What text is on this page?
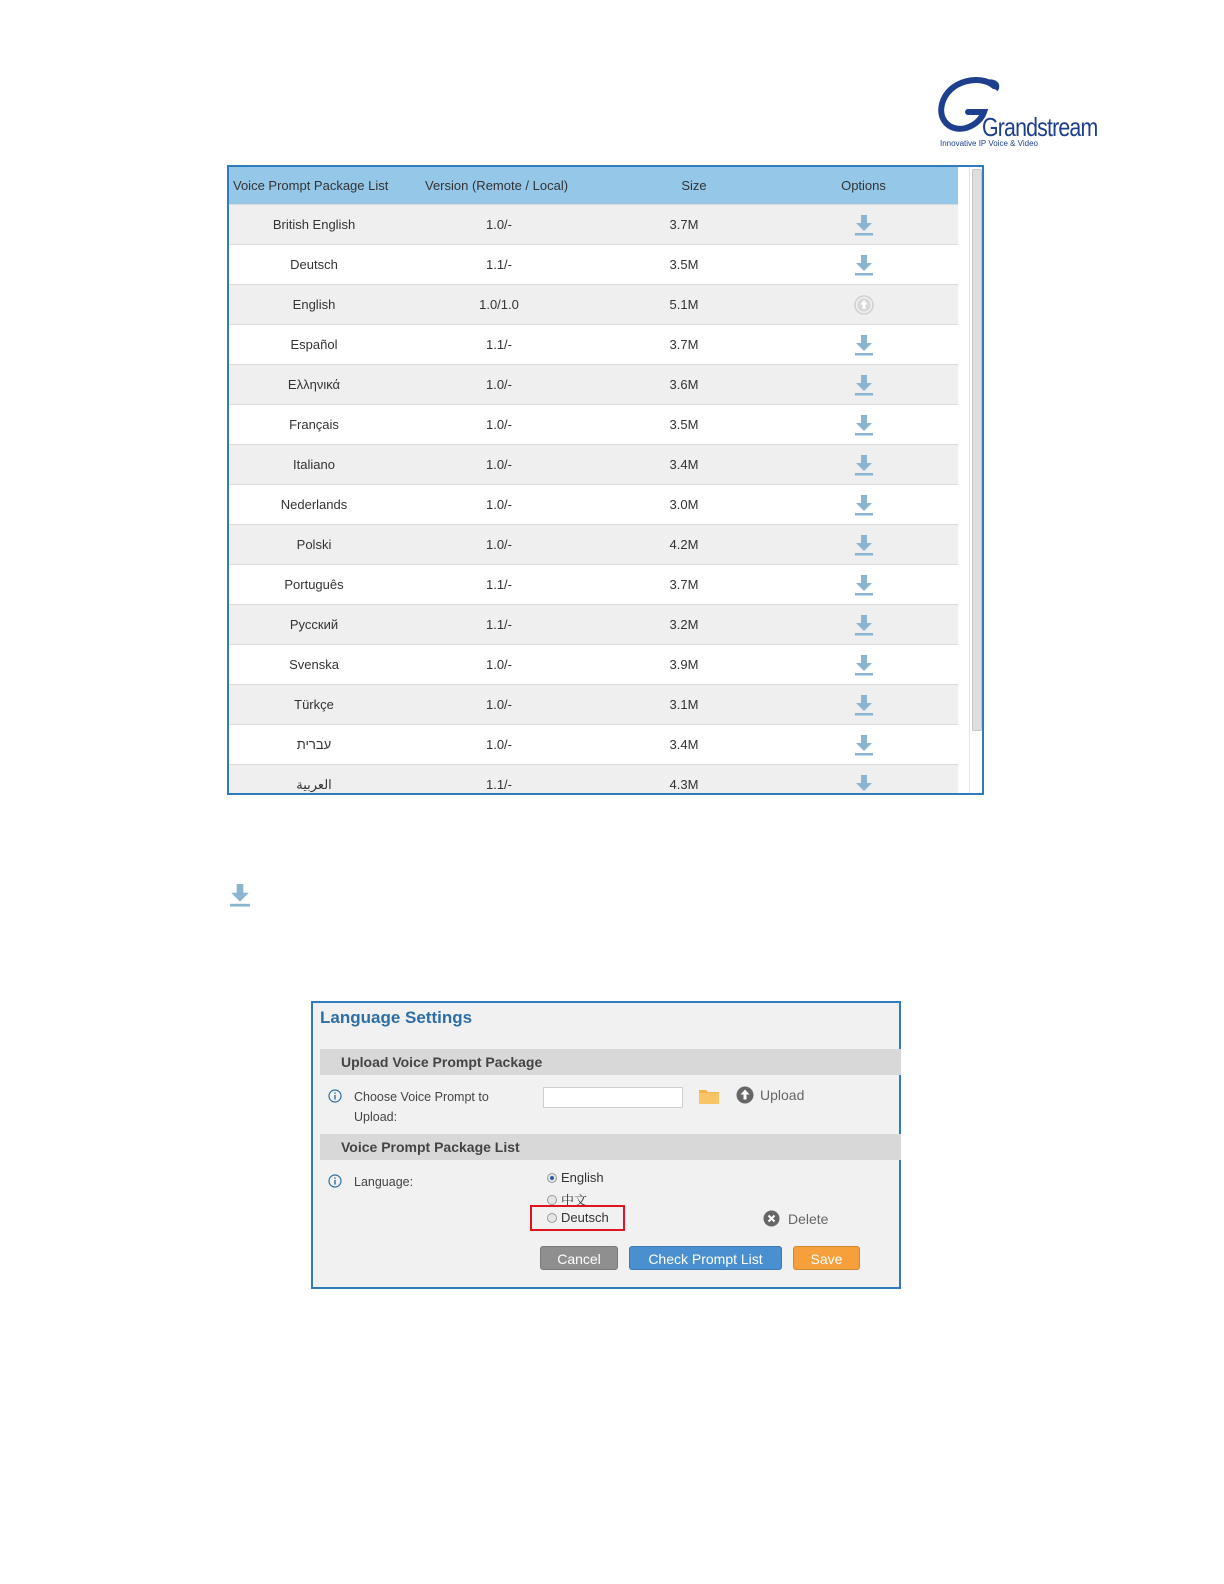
Grandstream
Innovative IP Voice & Video
Voice Prompt Package List	Version (Remote / Local)	Size	Options
British English	1.0/-	3.7M
Deutsch	1.1/-	3.5M
English	1.0/1.0	5.1M
Español	1.1/-	3.7M
Ελληνικά	1.0/-	3.6M
Français	1.0/-	3.5M
Italiano	1.0/-	3.4M
Nederlands	1.0/-	3.0M
Polski	1.0/-	4.2M
Português	1.1/-	3.7M
Pусский	1.1/-	3.2M
Svenska	1.0/-	3.9M
Türkçe	1.0/-	3.1M
עברית	1.0/-	3.4M
العربية	1.1/-	4.3M
Language Settings
Upload Voice Prompt Package
Choose Voice Prompt to Upload:
Upload
Voice Prompt Package List
Language:	English
中文
Deutsch	Delete
Cancel	Check Prompt List	Save
